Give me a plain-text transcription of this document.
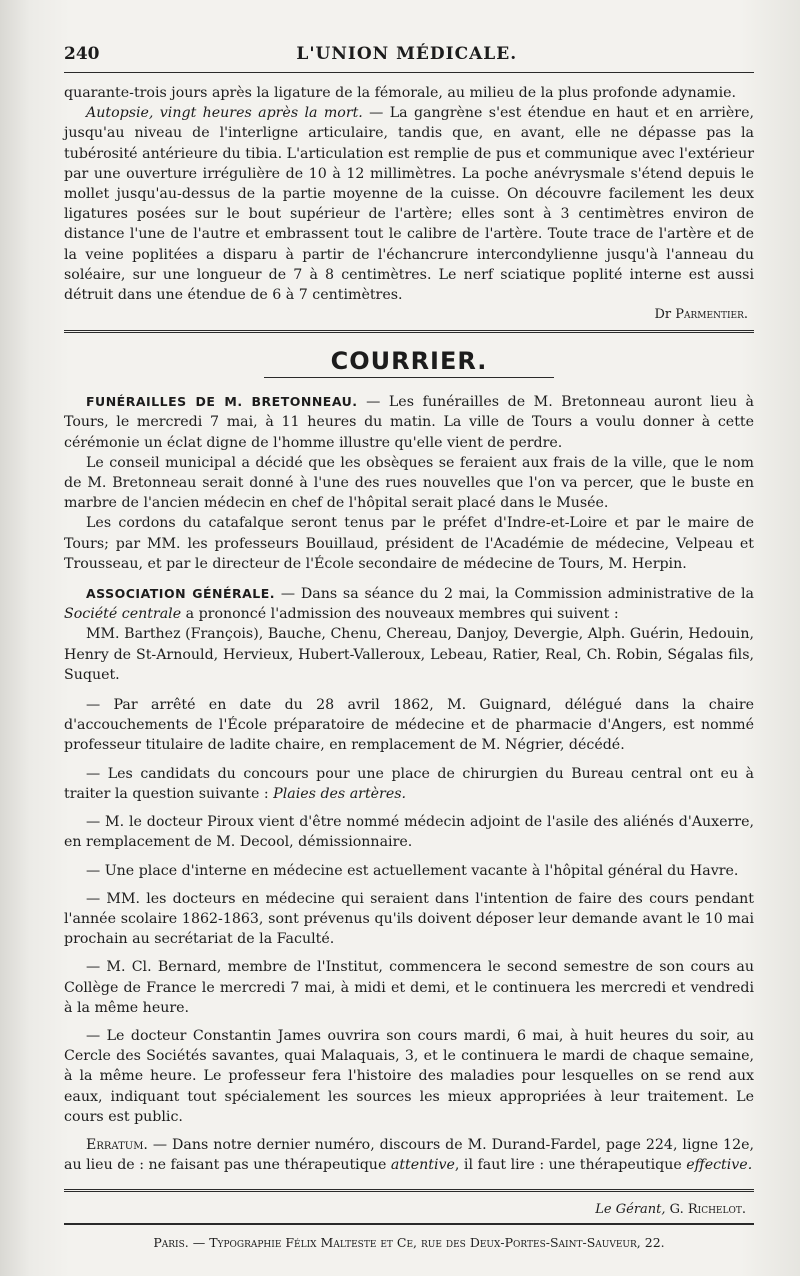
240	L'UNION MÉDICALE.

quarante-trois jours après la ligature de la fémorale, au milieu de la plus profonde adynamie.

Autopsie, vingt heures après la mort. — La gangrène s'est étendue en haut et en arrière, jusqu'au niveau de l'interligne articulaire, tandis que, en avant, elle ne dépasse pas la tubérosité antérieure du tibia. L'articulation est remplie de pus et communique avec l'extérieur par une ouverture irrégulière de 10 à 12 millimètres. La poche anévrysmale s'étend depuis le mollet jusqu'au-dessus de la partie moyenne de la cuisse. On découvre facilement les deux ligatures posées sur le bout supérieur de l'artère; elles sont à 3 centimètres environ de distance l'une de l'autre et embrassent tout le calibre de l'artère. Toute trace de l'artère et de la veine poplitées a disparu à partir de l'échancrure intercondylienne jusqu'à l'anneau du soléaire, sur une longueur de 7 à 8 centimètres. Le nerf sciatique poplité interne est aussi détruit dans une étendue de 6 à 7 centimètres.

Dr Parmentier.
COURRIER.

FUNÉRAILLES DE M. BRETONNEAU. — Les funérailles de M. Bretonneau auront lieu à Tours, le mercredi 7 mai, à 11 heures du matin. La ville de Tours a voulu donner à cette cérémonie un éclat digne de l'homme illustre qu'elle vient de perdre.

Le conseil municipal a décidé que les obsèques se feraient aux frais de la ville, que le nom de M. Bretonneau serait donné à l'une des rues nouvelles que l'on va percer, que le buste en marbre de l'ancien médecin en chef de l'hôpital serait placé dans le Musée.

Les cordons du catafalque seront tenus par le préfet d'Indre-et-Loire et par le maire de Tours; par MM. les professeurs Bouillaud, président de l'Académie de médecine, Velpeau et Trousseau, et par le directeur de l'École secondaire de médecine de Tours, M. Herpin.

ASSOCIATION GÉNÉRALE. — Dans sa séance du 2 mai, la Commission administrative de la Société centrale a prononcé l'admission des nouveaux membres qui suivent :

MM. Barthez (François), Bauche, Chenu, Chereau, Danjoy, Devergie, Alph. Guérin, Hedouin, Henry de St-Arnould, Hervieux, Hubert-Valleroux, Lebeau, Ratier, Real, Ch. Robin, Ségalas fils, Suquet.

— Par arrêté en date du 28 avril 1862, M. Guignard, délégué dans la chaire d'accouchements de l'École préparatoire de médecine et de pharmacie d'Angers, est nommé professeur titulaire de ladite chaire, en remplacement de M. Négrier, décédé.

— Les candidats du concours pour une place de chirurgien du Bureau central ont eu à traiter la question suivante : Plaies des artères.

— M. le docteur Piroux vient d'être nommé médecin adjoint de l'asile des aliénés d'Auxerre, en remplacement de M. Decool, démissionnaire.

— Une place d'interne en médecine est actuellement vacante à l'hôpital général du Havre.

— MM. les docteurs en médecine qui seraient dans l'intention de faire des cours pendant l'année scolaire 1862-1863, sont prévenus qu'ils doivent déposer leur demande avant le 10 mai prochain au secrétariat de la Faculté.

— M. Cl. Bernard, membre de l'Institut, commencera le second semestre de son cours au Collège de France le mercredi 7 mai, à midi et demi, et le continuera les mercredi et vendredi à la même heure.

— Le docteur Constantin James ouvrira son cours mardi, 6 mai, à huit heures du soir, au Cercle des Sociétés savantes, quai Malaquais, 3, et le continuera le mardi de chaque semaine, à la même heure. Le professeur fera l'histoire des maladies pour lesquelles on se rend aux eaux, indiquant tout spécialement les sources les mieux appropriées à leur traitement. Le cours est public.

Erratum. — Dans notre dernier numéro, discours de M. Durand-Fardel, page 224, ligne 12e, au lieu de : ne faisant pas une thérapeutique attentive, il faut lire : une thérapeutique effective.

Le Gérant, G. Richelot.
Paris. — Typographie Félix Malteste et Ce, rue des Deux-Portes-Saint-Sauveur, 22.
